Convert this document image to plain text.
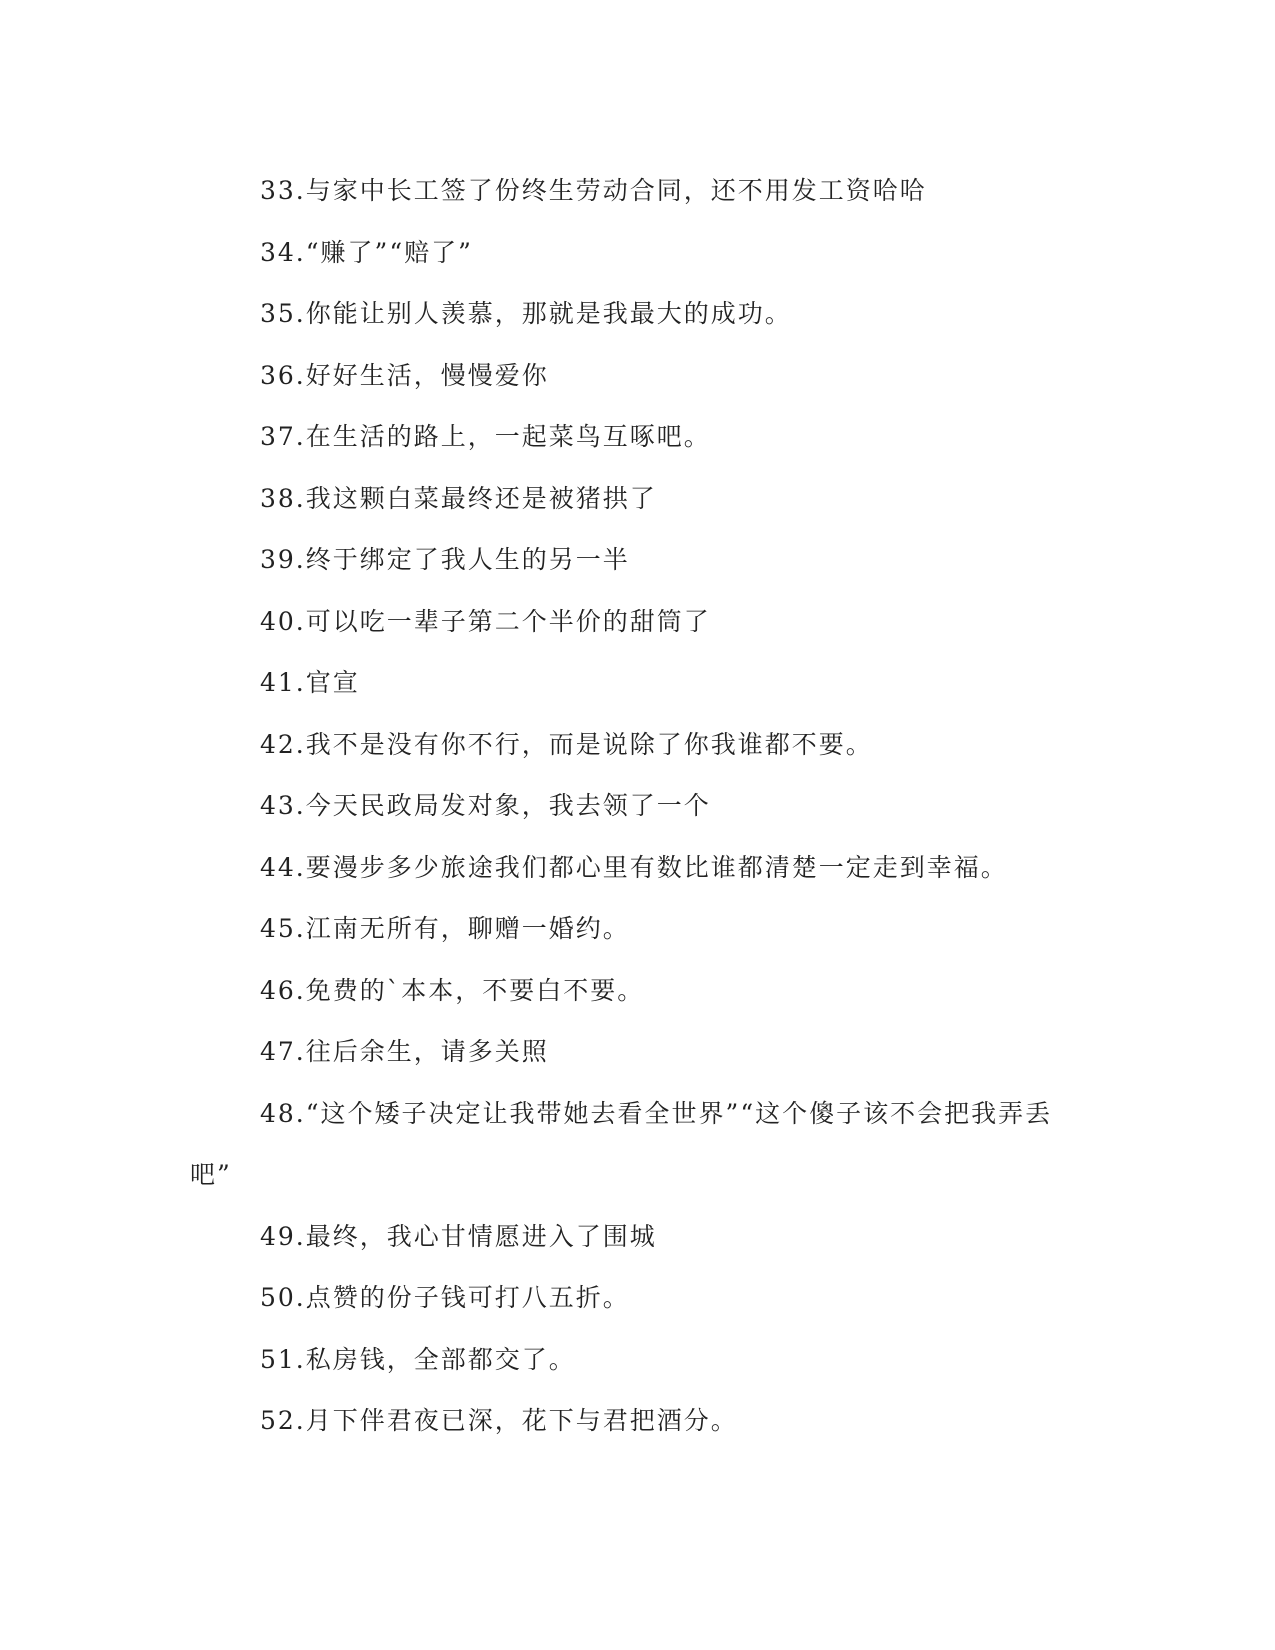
33.与家中长工签了份终生劳动合同，还不用发工资哈哈
34.“赚了”“赔了”
35.你能让别人羡慕，那就是我最大的成功。
36.好好生活，慢慢爱你
37.在生活的路上，一起菜鸟互啄吧。
38.我这颗白菜最终还是被猪拱了
39.终于绑定了我人生的另一半
40.可以吃一辈子第二个半价的甜筒了
41.官宣
42.我不是没有你不行，而是说除了你我谁都不要。
43.今天民政局发对象，我去领了一个
44.要漫步多少旅途我们都心里有数比谁都清楚一定走到幸福。
45.江南无所有，聊赠一婚约。
46.免费的`本本，不要白不要。
47.往后余生，请多关照
48.“这个矮子决定让我带她去看全世界”“这个傻子该不会把我弄丢吧”
49.最终，我心甘情愿进入了围城
50.点赞的份子钱可打八五折。
51.私房钱，全部都交了。
52.月下伴君夜已深，花下与君把酒分。
